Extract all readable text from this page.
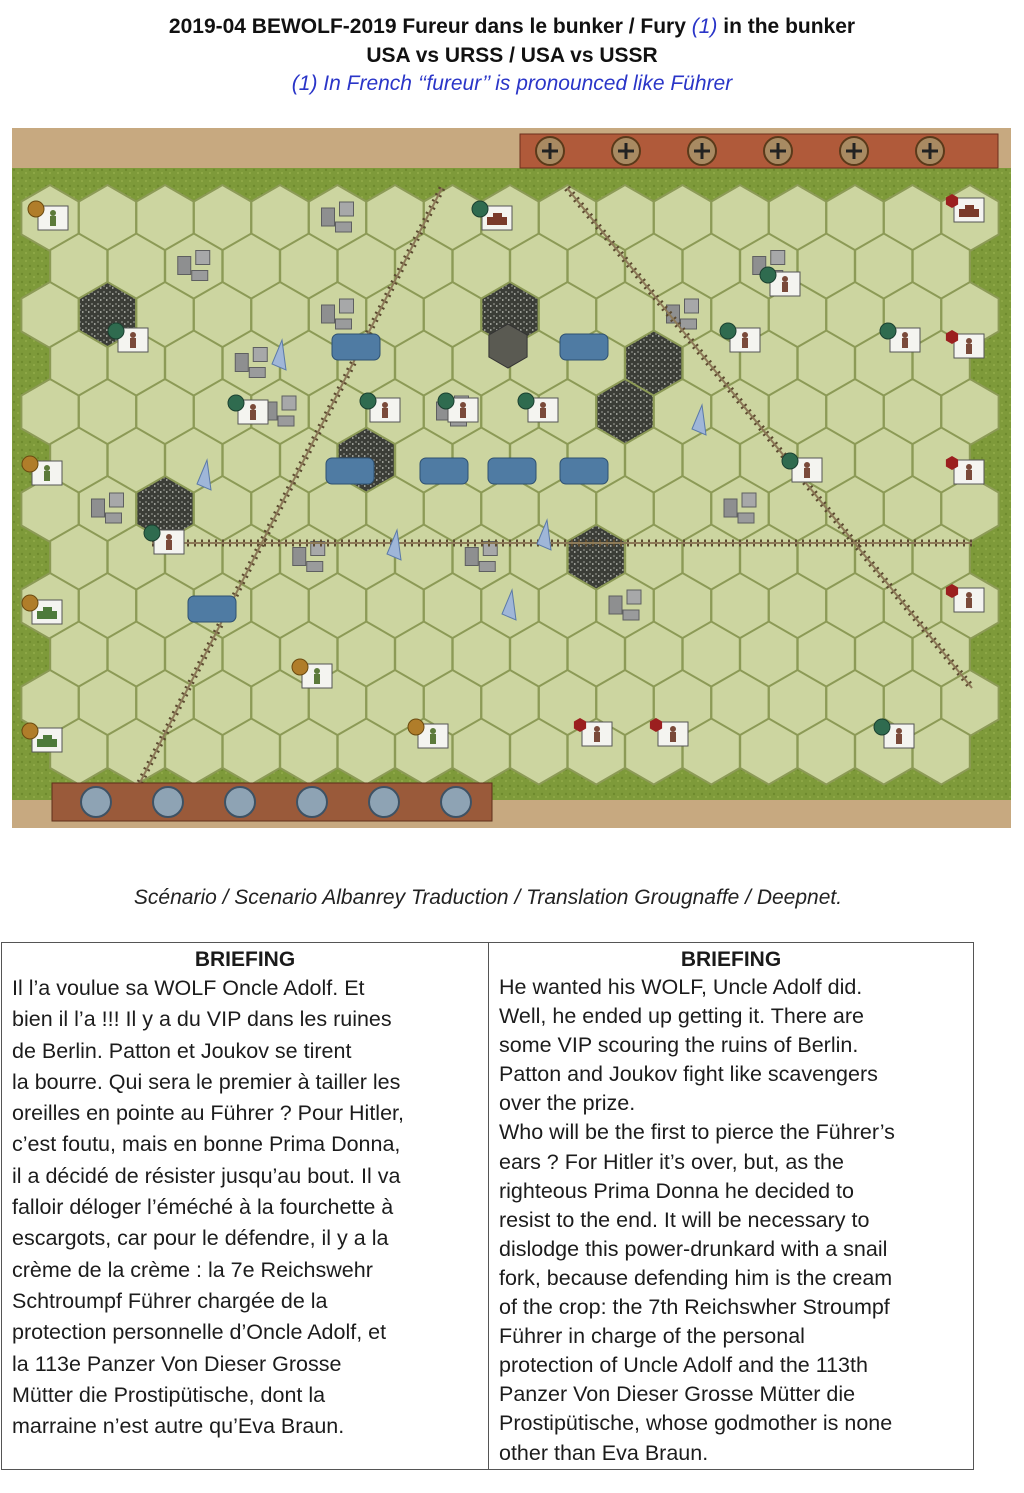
2019-04 BEWOLF-2019 Fureur dans le bunker / Fury (1) in the bunker
USA vs URSS / USA vs USSR
(1) In French ‘‘fureur’’ is pronounced like Führer
Scénario / Scenario Albanrey Traduction / Translation Grougnaffe / Deepnet.
BRIEFING

Il l’a voulue sa WOLF Oncle Adolf. Et
bien il l’a !!! Il y a du VIP dans les ruines
de Berlin. Patton et Joukov se tirent
la bourre. Qui sera le premier à tailler les
oreilles en pointe au Führer ? Pour Hitler,
c’est foutu, mais en bonne Prima Donna,
il a décidé de résister jusqu’au bout. Il va
falloir déloger l’éméché à la fourchette à
escargots, car pour le défendre, il y a la
crème de la crème : la 7e Reichswehr
Schtroumpf Führer chargée de la
protection personnelle d’Oncle Adolf, et
la 113e Panzer Von Dieser Grosse
Mütter die Prostipütische, dont la
marraine n’est autre qu’Eva Braun.

BRIEFING

He wanted his WOLF, Uncle Adolf did.
Well, he ended up getting it. There are
some VIP scouring the ruins of Berlin.
Patton and Joukov fight like scavengers
over the prize.
Who will be the first to pierce the Führer’s
ears ? For Hitler it’s over, but, as the
righteous Prima Donna he decided to
resist to the end. It will be necessary to
dislodge this power-drunkard with a snail
fork, because defending him is the cream
of the crop: the 7th Reichswher Stroumpf
Führer in charge of the personal
protection of Uncle Adolf and the 113th
Panzer Von Dieser Grosse Mütter die
Prostipütische, whose godmother is none
other than Eva Braun.
